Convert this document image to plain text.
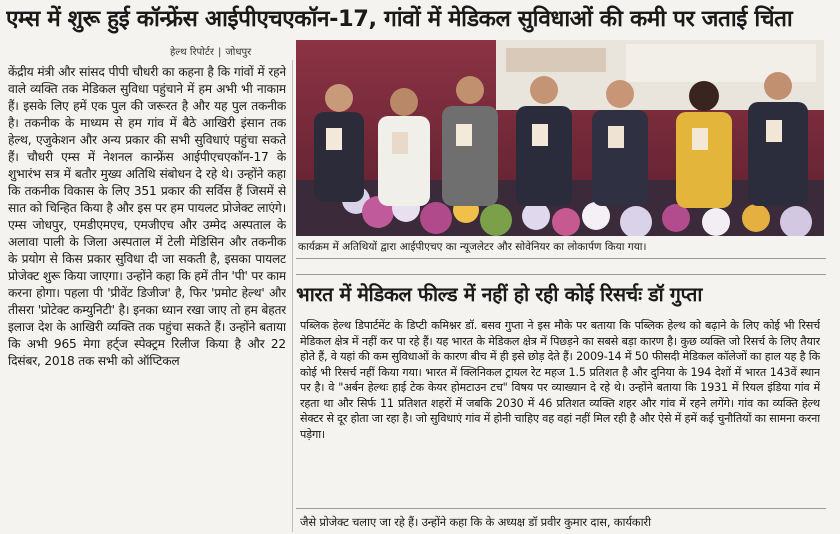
एम्स में शुरू हुई कॉन्फ्रेंस आईपीएचएकॉन-17, गांवों में मेडिकल सुविधाओं की कमी पर जताई चिंता
हेल्थ रिपोर्टर | जोधपुर

केंद्रीय मंत्री और सांसद पीपी चौधरी का कहना है कि गांवों में रहने वाले व्यक्ति तक मेडिकल सुविधा पहुंचाने में हम अभी भी नाकाम हैं। इसके लिए हमें एक पुल की जरूरत है और यह पुल तकनीक है। तकनीक के माध्यम से हम गांव में बैठे आखिरी इंसान तक हेल्थ, एजुकेशन और अन्य प्रकार की सभी सुविधाएं पहुंचा सकते हैं। चौधरी एम्स में नेशनल कान्फ्रेंस आईपीएचएकॉन-17 के शुभारंभ सत्र में बतौर मुख्य अतिथि संबोधन दे रहे थे। उन्होंने कहा कि तकनीक विकास के लिए 351 प्रकार की सर्विस हैं जिसमें से सात को चिन्हित किया है और इस पर हम पायलट प्रोजेक्ट लाएंगे। एम्स जोधपुर, एमडीएमएच, एमजीएच और उम्मेद अस्पताल के अलावा पाली के जिला अस्पताल में टेली मेडिसिन और तकनीक के प्रयोग से किस प्रकार सुविधा दी जा सकती है, इसका पायलट प्रोजेक्ट शुरू किया जाएगा। उन्होंने कहा कि हमें तीन 'पी' पर काम करना होगा। पहला पी 'प्रीवेंट डिजीज' है, फिर 'प्रमोट हेल्थ' और तीसरा 'प्रोटेक्ट कम्युनिटी' है। इनका ध्यान रखा जाए तो हम बेहतर इलाज देश के आखिरी व्यक्ति तक पहुंचा सकते हैं। उन्होंने बताया कि अभी 965 मेगा हर्ट्ज स्पेक्ट्रम रिलीज किया है और 22 दिसंबर, 2018 तक सभी को ऑप्टिकल

कार्यक्रम में अतिथियों द्वारा आईपीएचए का न्यूजलेटर और सोवेनियर का लोकार्पण किया गया।
भारत में मेडिकल फील्ड में नहीं हो रही कोई रिसर्चः डॉ गुप्ता

पब्लिक हेल्थ डिपार्टमेंट के डिप्टी कमिश्नर डॉ. बसव गुप्ता ने इस मौके पर बताया कि पब्लिक हेल्थ को बढ़ाने के लिए कोई भी रिसर्च मेडिकल क्षेत्र में नहीं कर पा रहे हैं। यह भारत के मेडिकल क्षेत्र में पिछड़ने का सबसे बड़ा कारण है। कुछ व्यक्ति जो रिसर्च के लिए तैयार होते हैं, वे यहां की कम सुविधाओं के कारण बीच में ही इसे छोड़ देते हैं। 2009-14 में 50 फीसदी मेडिकल कॉलेजों का हाल यह है कि कोई भी रिसर्च नहीं किया गया। भारत में क्लिनिकल ट्रायल रेट महज 1.5 प्रतिशत है और दुनिया के 194 देशों में भारत 143वें स्थान पर है। वे "अर्बन हेल्थः हाई टेक केयर होमटाउन टच" विषय पर व्याख्यान दे रहे थे। उन्होंने बताया कि 1931 में रियल इंडिया गांव में रहता था और सिर्फ 11 प्रतिशत शहरों में जबकि 2030 में 46 प्रतिशत व्यक्ति शहर और गांव में रहने लगेंगे। गांव का व्यक्ति हेल्थ सेक्टर से दूर होता जा रहा है। जो सुविधाएं गांव में होनी चाहिए वह वहां नहीं मिल रही है और ऐसे में हमें कई चुनौतियों का सामना करना पड़ेगा।

जैसे प्रोजेक्ट चलाए जा रहे हैं। उन्होंने कहा कि के अध्यक्ष डॉ प्रवीर कुमार दास, कार्यकारी
